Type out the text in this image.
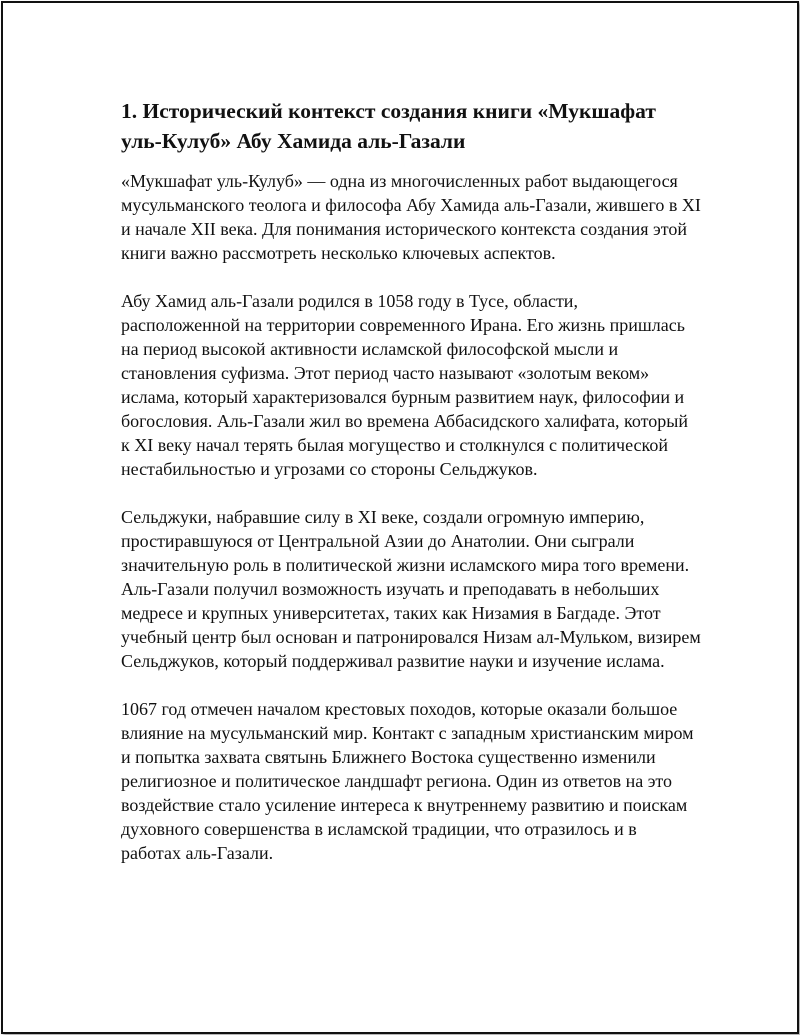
1. Исторический контекст создания книги «Мукшафат уль-Кулуб» Абу Хамида аль-Газали

«Мукшафат уль-Кулуб» — одна из многочисленных работ выдающегося мусульманского теолога и философа Абу Хамида аль-Газали, жившего в XI и начале XII века. Для понимания исторического контекста создания этой книги важно рассмотреть несколько ключевых аспектов.

Абу Хамид аль-Газали родился в 1058 году в Тусе, области, расположенной на территории современного Ирана. Его жизнь пришлась на период высокой активности исламской философской мысли и становления суфизма. Этот период часто называют «золотым веком» ислама, который характеризовался бурным развитием наук, философии и богословия. Аль-Газали жил во времена Аббасидского халифата, который к XI веку начал терять былая могущество и столкнулся с политической нестабильностью и угрозами со стороны Сельджуков.

Сельджуки, набравшие силу в XI веке, создали огромную империю, простиравшуюся от Центральной Азии до Анатолии. Они сыграли значительную роль в политической жизни исламского мира того времени. Аль-Газали получил возможность изучать и преподавать в небольших медресе и крупных университетах, таких как Низамия в Багдаде. Этот учебный центр был основан и патронировался Низам ал-Мульком, визирем Сельджуков, который поддерживал развитие науки и изучение ислама.

1067 год отмечен началом крестовых походов, которые оказали большое влияние на мусульманский мир. Контакт с западным христианским миром и попытка захвата святынь Ближнего Востока существенно изменили религиозное и политическое ландшафт региона. Один из ответов на это воздействие стало усиление интереса к внутреннему развитию и поискам духовного совершенства в исламской традиции, что отразилось и в работах аль-Газали.
